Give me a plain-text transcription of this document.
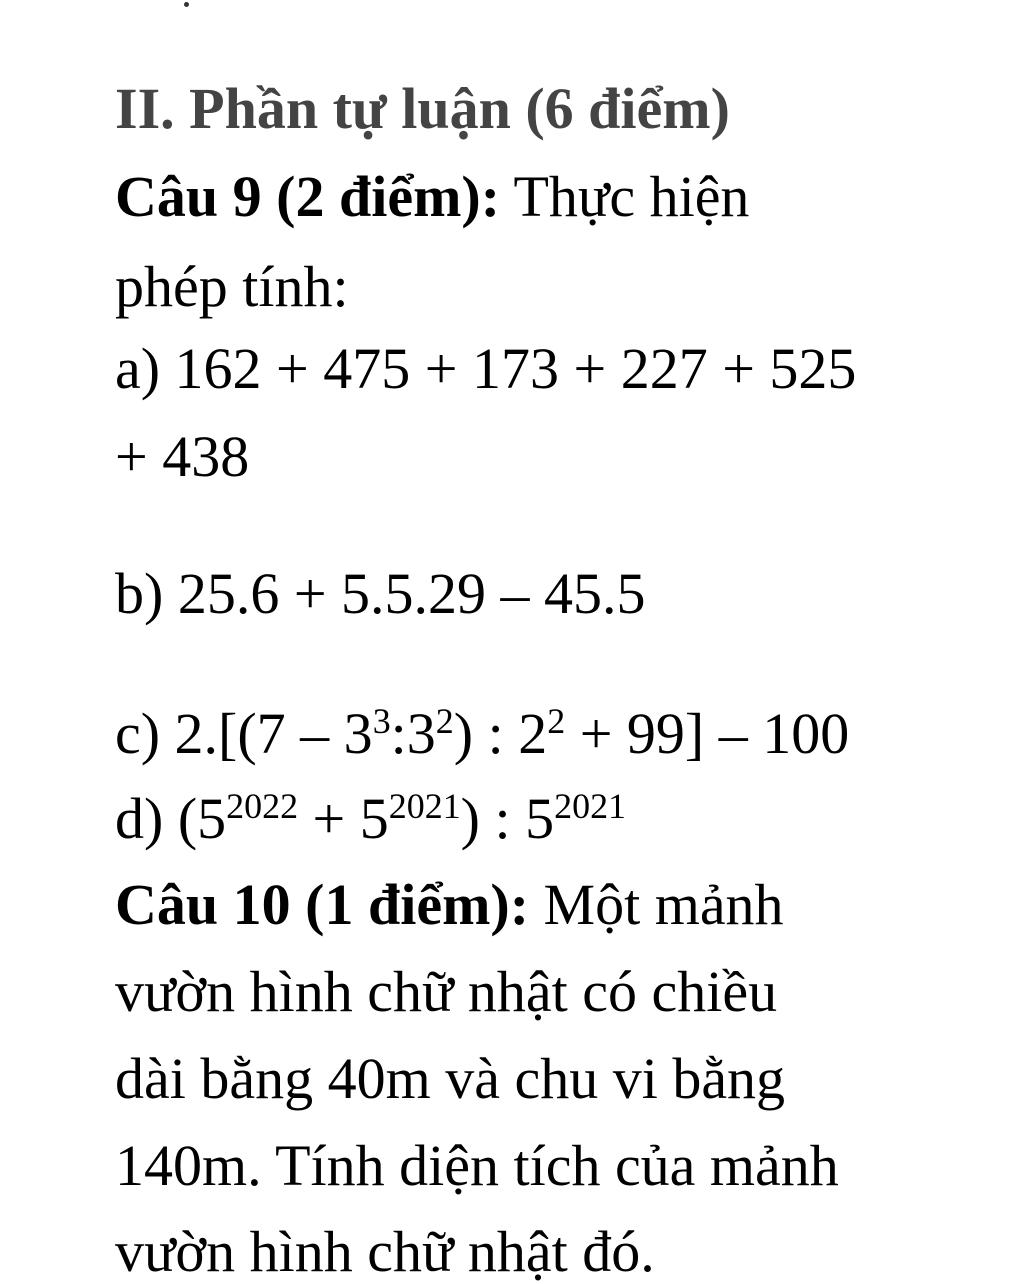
II. Phần tự luận (6 điểm)
Câu 9 (2 điểm): Thực hiện
phép tính:
a) 162 + 475 + 173 + 227 + 525
+ 438
b) 25.6 + 5.5.29 – 45.5
c) $2.[(7 - 3^3:3^2)$ : $2^2 + 99] - 100$
d) $(5^{2022} + 5^{2021})$ : $5^{2021}$
Câu 10 (1 điểm): Một mảnh
vườn hình chữ nhật có chiều
dài bằng 40m và chu vi bằng
140m. Tính diện tích của mảnh
vườn hình chữ nhật đó.
